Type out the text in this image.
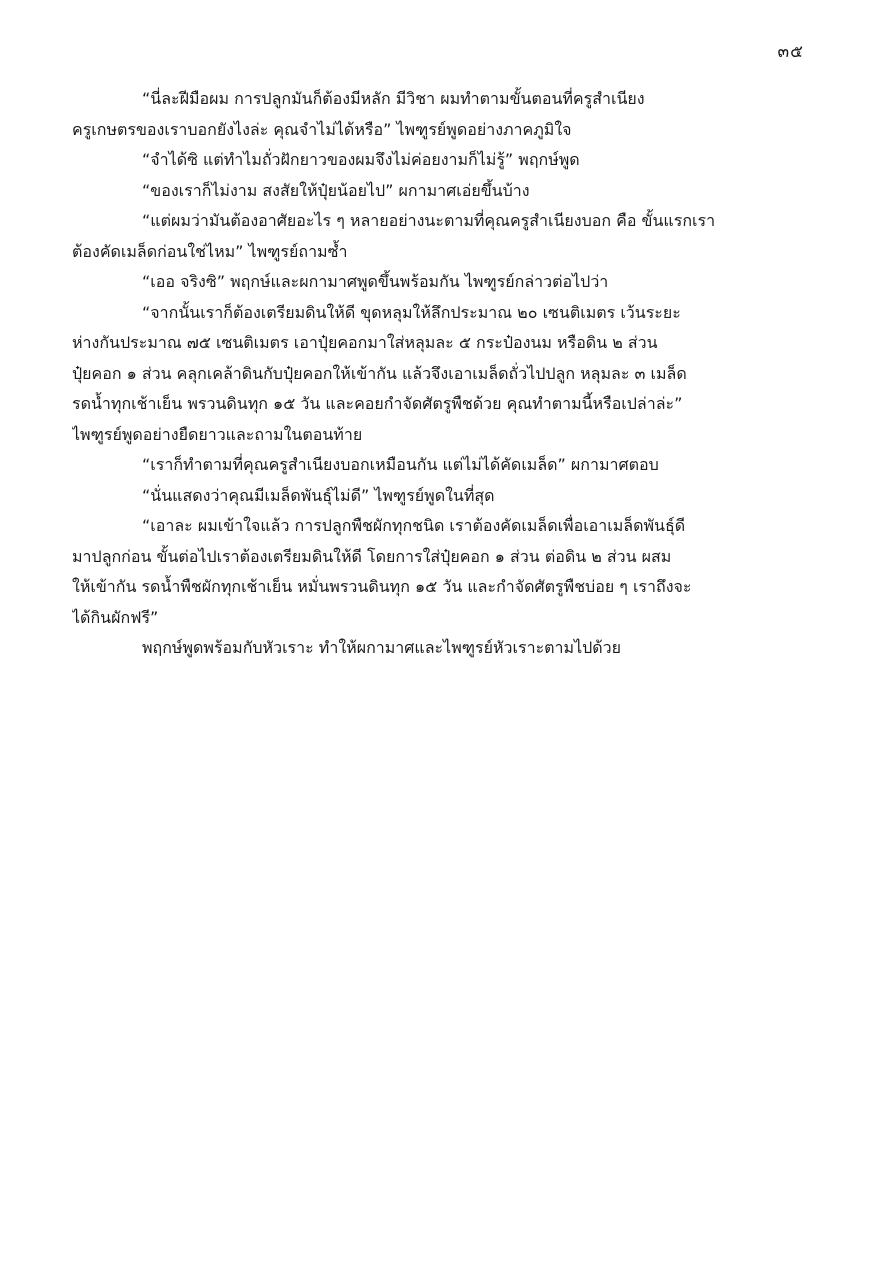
๓๕
“นี่ละฝีมือผม การปลูกมันก็ต้องมีหลัก มีวิชา ผมทำตามขั้นตอนที่ครูสำเนียง
ครูเกษตรของเราบอกยังไงล่ะ คุณจำไม่ได้หรือ” ไพฑูรย์พูดอย่างภาคภูมิใจ
“จำได้ซิ แต่ทำไมถั่วฝักยาวของผมจึงไม่ค่อยงามก็ไม่รู้” พฤกษ์พูด
“ของเราก็ไม่งาม สงสัยให้ปุ๋ยน้อยไป” ผกามาศเอ่ยขึ้นบ้าง
“แต่ผมว่ามันต้องอาศัยอะไร ๆ หลายอย่างนะตามที่คุณครูสำเนียงบอก คือ ขั้นแรกเรา
ต้องคัดเมล็ดก่อนใช่ไหม” ไพฑูรย์ถามซ้ำ
“เออ จริงซิ” พฤกษ์และผกามาศพูดขึ้นพร้อมกัน ไพฑูรย์กล่าวต่อไปว่า
“จากนั้นเราก็ต้องเตรียมดินให้ดี ขุดหลุมให้ลึกประมาณ ๒๐ เซนติเมตร เว้นระยะ
ห่างกันประมาณ ๗๕ เซนติเมตร เอาปุ๋ยคอกมาใส่หลุมละ ๕ กระป๋องนม หรือดิน ๒ ส่วน
ปุ๋ยคอก ๑ ส่วน คลุกเคล้าดินกับปุ๋ยคอกให้เข้ากัน แล้วจึงเอาเมล็ดถั่วไปปลูก หลุมละ ๓ เมล็ด
รดน้ำทุกเช้าเย็น พรวนดินทุก ๑๕ วัน และคอยกำจัดศัตรูพืชด้วย คุณทำตามนี้หรือเปล่าล่ะ”
ไพฑูรย์พูดอย่างยืดยาวและถามในตอนท้าย
“เราก็ทำตามที่คุณครูสำเนียงบอกเหมือนกัน แต่ไม่ได้คัดเมล็ด” ผกามาศตอบ
“นั่นแสดงว่าคุณมีเมล็ดพันธุ์ไม่ดี” ไพฑูรย์พูดในที่สุด
“เอาละ ผมเข้าใจแล้ว การปลูกพืชผักทุกชนิด เราต้องคัดเมล็ดเพื่อเอาเมล็ดพันธุ์ดี
มาปลูกก่อน ขั้นต่อไปเราต้องเตรียมดินให้ดี โดยการใส่ปุ๋ยคอก ๑ ส่วน ต่อดิน ๒ ส่วน ผสม
ให้เข้ากัน รดน้ำพืชผักทุกเช้าเย็น หมั่นพรวนดินทุก ๑๕ วัน และกำจัดศัตรูพืชบ่อย ๆ เราถึงจะ
ได้กินผักฟรี”
พฤกษ์พูดพร้อมกับหัวเราะ ทำให้ผกามาศและไพฑูรย์หัวเราะตามไปด้วย
